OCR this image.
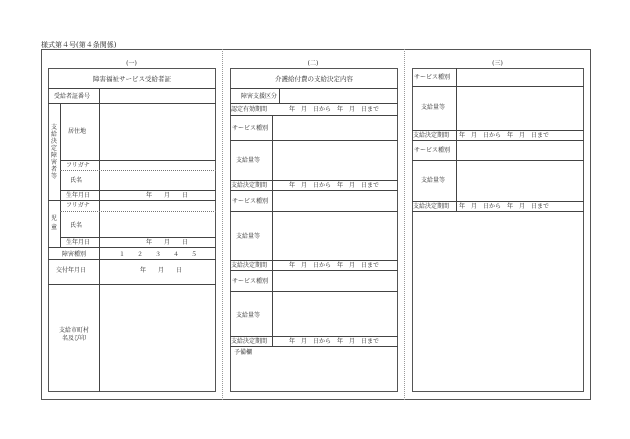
様式第４号(第４条関係)
(一)	(二)	(三)
障害福祉サービス受給者証
受給者証番号
支給決定障害者等
居住地
フリガナ
氏名
生年月日	年　　月　　日
児童
フリガナ
氏名
生年月日	年　　月　　日
障害種別	１　２　３　４　５
交付年月日	年　　月　　日
支給市町村名及び印
介護給付費の支給決定内容
障害支援区分
認定有効期間	年　月　日から　年　月　日まで
サービス種別
支給量等
支給決定期間	年　月　日から　年　月　日まで
サービス種別
支給量等
支給決定期間	年　月　日から　年　月　日まで
サービス種別
支給量等
支給決定期間	年　月　日から　年　月　日まで
予備欄
サービス種別
支給量等
支給決定期間 年　月　日から　年　月　日まで
サービス種別
支給量等
支給決定期間 年　月　日から　年　月　日まで
